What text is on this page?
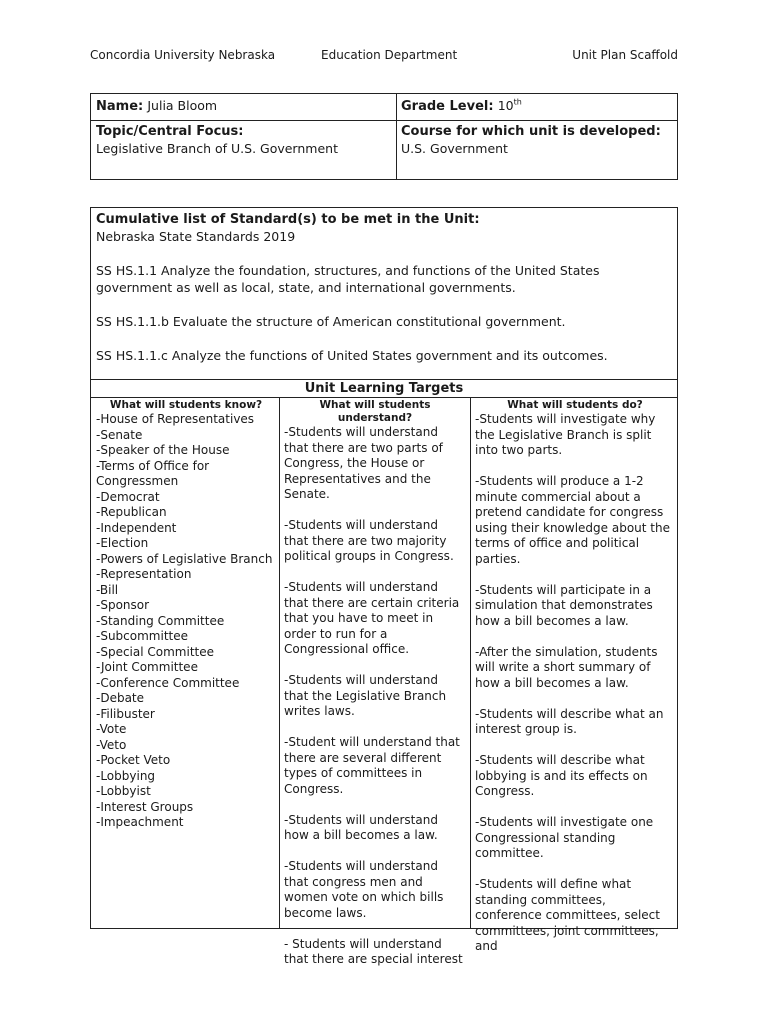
Concordia University Nebraska	Education Department	Unit Plan Scaffold
Name: Julia Bloom	Grade Level: 10th
Topic/Central Focus:
Legislative Branch of U.S. Government
Course for which unit is developed:
U.S. Government

Cumulative list of Standard(s) to be met in the Unit:

Nebraska State Standards 2019

SS HS.1.1 Analyze the foundation, structures, and functions of the United States government as well as local, state, and international governments.

SS HS.1.1.b Evaluate the structure of American constitutional government.

SS HS.1.1.c Analyze the functions of United States government and its outcomes.

Unit Learning Targets
What will students know?
-House of Representatives
-Senate
-Speaker of the House
-Terms of Office for Congressmen
-Democrat
-Republican
-Independent
-Election
-Powers of Legislative Branch
-Representation
-Bill
-Sponsor
-Standing Committee
-Subcommittee
-Special Committee
-Joint Committee
-Conference Committee
-Debate
-Filibuster
-Vote
-Veto
-Pocket Veto
-Lobbying
-Lobbyist
-Interest Groups
-Impeachment
What will students understand?
-Students will understand that there are two parts of Congress, the House or Representatives and the Senate.
-Students will understand that there are two majority political groups in Congress.
-Students will understand that there are certain criteria that you have to meet in order to run for a Congressional office.
-Students will understand that the Legislative Branch writes laws.
-Student will understand that there are several different types of committees in Congress.
-Students will understand how a bill becomes a law.
-Students will understand that congress men and women vote on which bills become laws.
- Students will understand that there are special interest
What will students do?
-Students will investigate why the Legislative Branch is split into two parts.
-Students will produce a 1-2 minute commercial about a pretend candidate for congress using their knowledge about the terms of office and political parties.
-Students will participate in a simulation that demonstrates how a bill becomes a law.
-After the simulation, students will write a short summary of how a bill becomes a law.
-Students will describe what an interest group is.
-Students will describe what lobbying is and its effects on Congress.
-Students will investigate one Congressional standing committee.
-Students will define what standing committees, conference committees, select committees, joint committees, and
